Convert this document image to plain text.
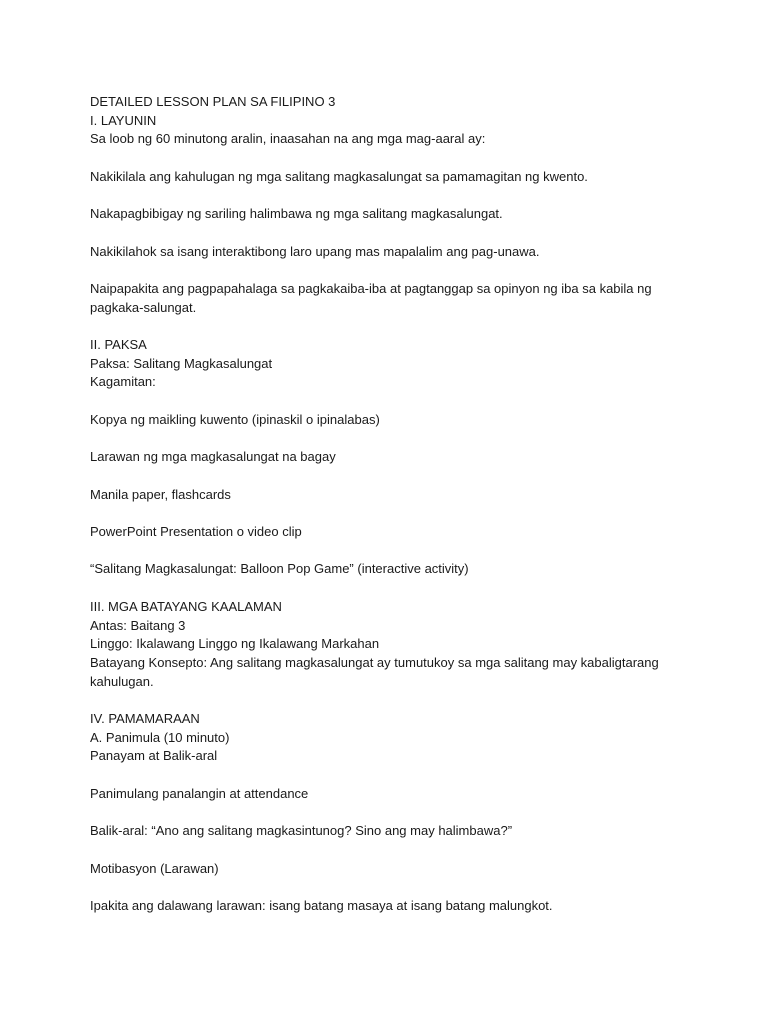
DETAILED LESSON PLAN SA FILIPINO 3

I. LAYUNIN

Sa loob ng 60 minutong aralin, inaasahan na ang mga mag-aaral ay:

Nakikilala ang kahulugan ng mga salitang magkasalungat sa pamamagitan ng kwento.

Nakapagbibigay ng sariling halimbawa ng mga salitang magkasalungat.

Nakikilahok sa isang interaktibong laro upang mas mapalalim ang pag-unawa.

Naipapakita ang pagpapahalaga sa pagkakaiba-iba at pagtanggap sa opinyon ng iba sa kabila ng pagkaka-salungat.

II. PAKSA

Paksa: Salitang Magkasalungat

Kagamitan:

Kopya ng maikling kuwento (ipinaskil o ipinalabas)

Larawan ng mga magkasalungat na bagay

Manila paper, flashcards

PowerPoint Presentation o video clip

“Salitang Magkasalungat: Balloon Pop Game” (interactive activity)

III. MGA BATAYANG KAALAMAN

Antas: Baitang 3

Linggo: Ikalawang Linggo ng Ikalawang Markahan

Batayang Konsepto: Ang salitang magkasalungat ay tumutukoy sa mga salitang may kabaligtarang kahulugan.

IV. PAMAMARAAN

A. Panimula (10 minuto)

Panayam at Balik-aral

Panimulang panalangin at attendance

Balik-aral: “Ano ang salitang magkasintunog? Sino ang may halimbawa?”

Motibasyon (Larawan)

Ipakita ang dalawang larawan: isang batang masaya at isang batang malungkot.
